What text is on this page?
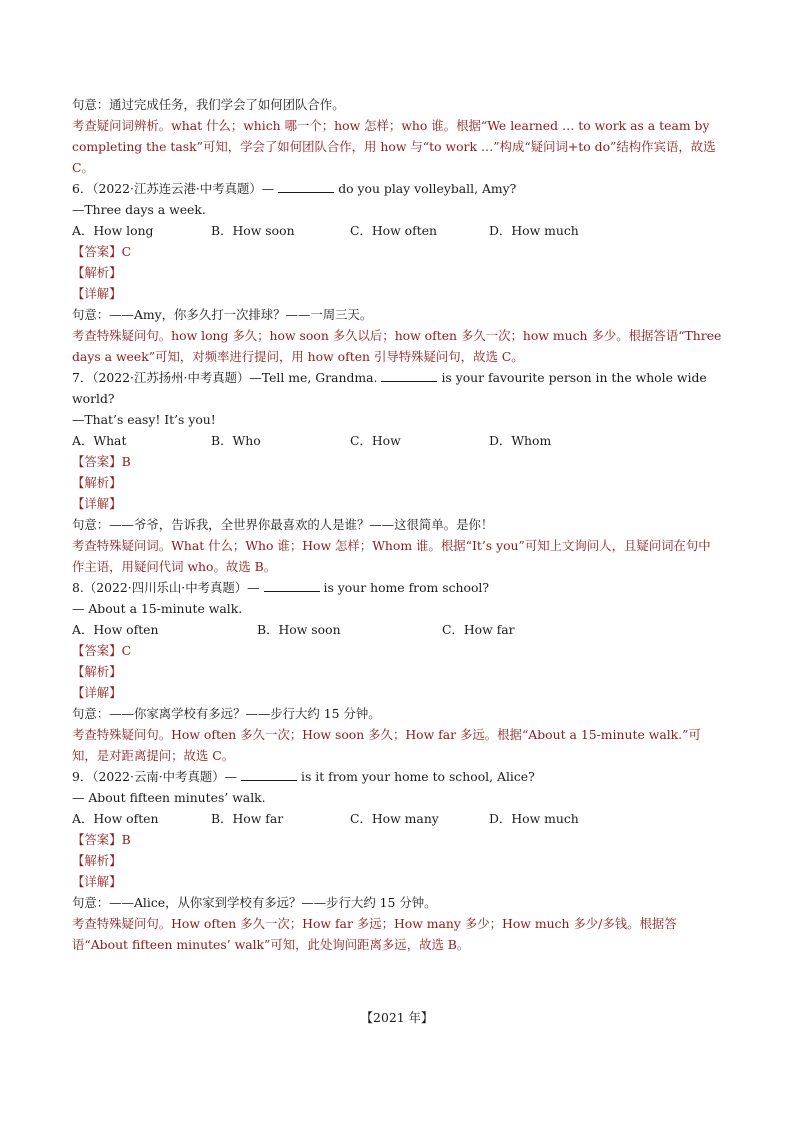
句意：通过完成任务，我们学会了如何团队合作。
考查疑问词辨析。what 什么；which 哪一个；how 怎样；who 谁。根据“We learned … to work as a team by completing the task”可知，学会了如何团队合作，用 how 与“to work …”构成“疑问词+to do”结构作宾语，故选 C。
6．（2022·江苏连云港·中考真题）—	do you play volleyball, Amy?
—Three days a week.
A．How long	B．How soon	C．How often	D．How much
【答案】C
【解析】
【详解】
句意：——Amy，你多久打一次排球？——一周三天。
考查特殊疑问句。how long 多久；how soon 多久以后；how often 多久一次；how much 多少。根据答语“Three days a week”可知，对频率进行提问，用 how often 引导特殊疑问句，故选 C。
7．（2022·江苏扬州·中考真题）—Tell me, Grandma.	is your favourite person in the whole wide
world?
—That’s easy! It’s you!
A．What	B．Who	C．How	D．Whom
【答案】B
【解析】
【详解】
句意：——爷爷，告诉我，全世界你最喜欢的人是谁？——这很简单。是你！
考查特殊疑问词。What 什么；Who 谁；How 怎样；Whom 谁。根据“It’s you”可知上文询问人，且疑问词在句中作主语，用疑问代词 who。故选 B。
8.（2022·四川乐山·中考真题）—	is your home from school?
— About a 15-minute walk.
A．How often	B．How soon	C．How far
【答案】C
【解析】
【详解】
句意：——你家离学校有多远？——步行大约 15 分钟。
考查特殊疑问句。How often 多久一次；How soon 多久；How far 多远。根据“About a 15-minute walk.”可知，是对距离提问；故选 C。
9．（2022·云南·中考真题）—	is it from your home to school, Alice?
— About fifteen minutes’ walk.
A．How often	B．How far	C．How many	D．How much
【答案】B
【解析】
【详解】
句意：——Alice，从你家到学校有多远？——步行大约 15 分钟。
考查特殊疑问句。How often 多久一次；How far 多远；How many 多少；How much 多少/多钱。根据答语“About fifteen minutes’ walk”可知，此处询问距离多远，故选 B。
【2021 年】
